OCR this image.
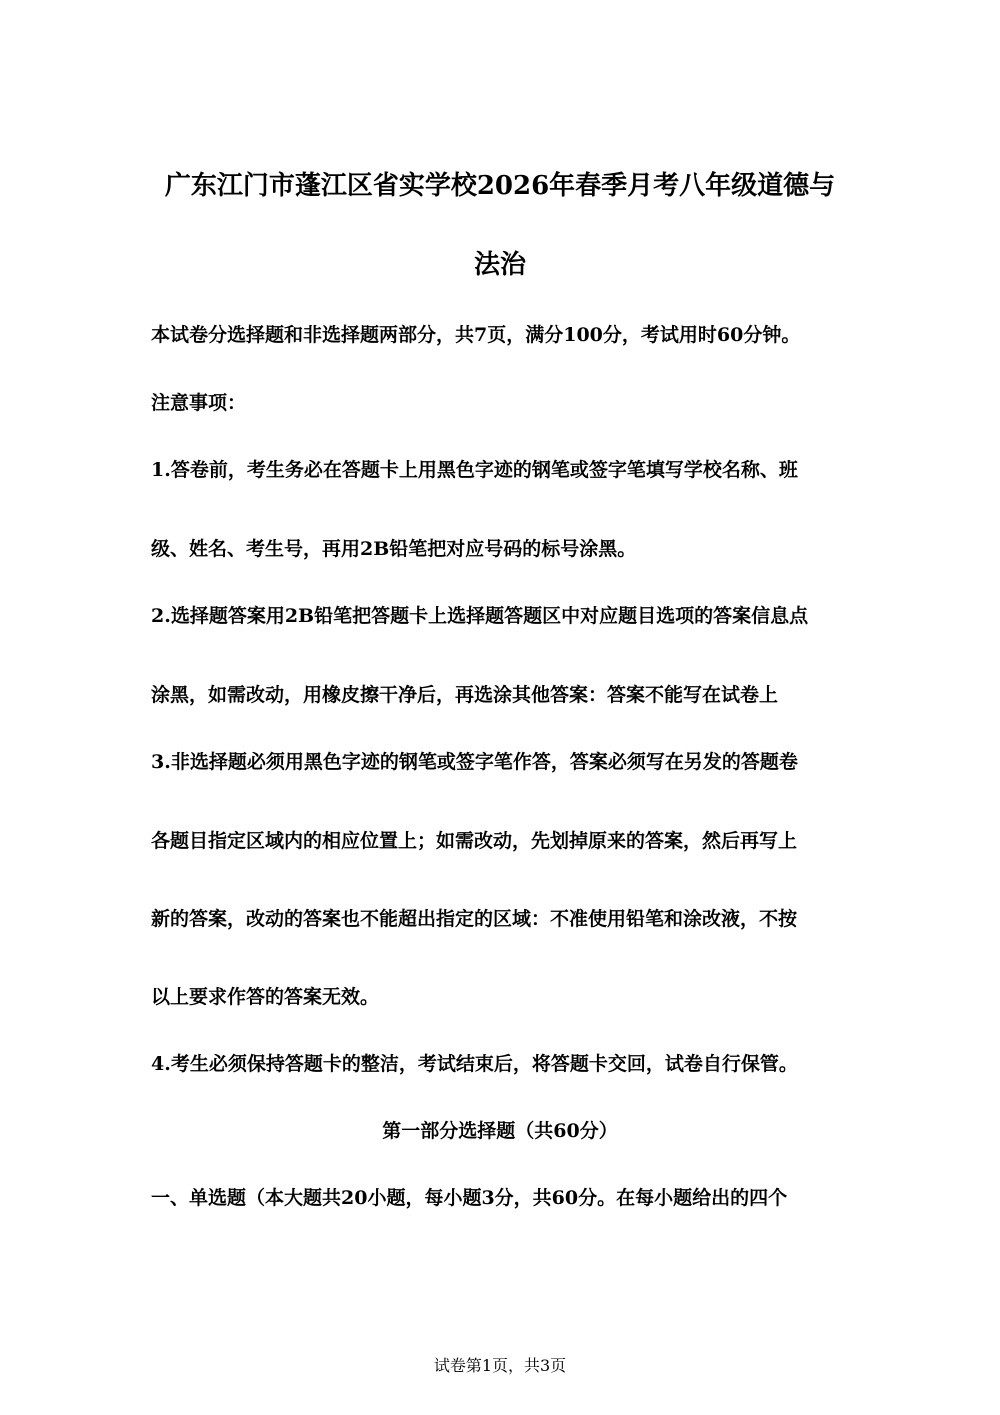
广东江门市蓬江区省实学校2026年春季月考八年级道德与
法治
本试卷分选择题和非选择题两部分，共7页，满分100分，考试用时60分钟。
注意事项：
1.答卷前，考生务必在答题卡上用黑色字迹的钢笔或签字笔填写学校名称、班
级、姓名、考生号，再用2B铅笔把对应号码的标号涂黑。
2.选择题答案用2B铅笔把答题卡上选择题答题区中对应题目选项的答案信息点
涂黑，如需改动，用橡皮擦干净后，再选涂其他答案：答案不能写在试卷上
3.非选择题必须用黑色字迹的钢笔或签字笔作答，答案必须写在另发的答题卷
各题目指定区域内的相应位置上；如需改动，先划掉原来的答案，然后再写上
新的答案，改动的答案也不能超出指定的区域：不准使用铅笔和涂改液，不按
以上要求作答的答案无效。
4.考生必须保持答题卡的整洁，考试结束后，将答题卡交回，试卷自行保管。
第一部分选择题（共60分）
一、单选题（本大题共20小题，每小题3分，共60分。在每小题给出的四个
试卷第1页，共3页
